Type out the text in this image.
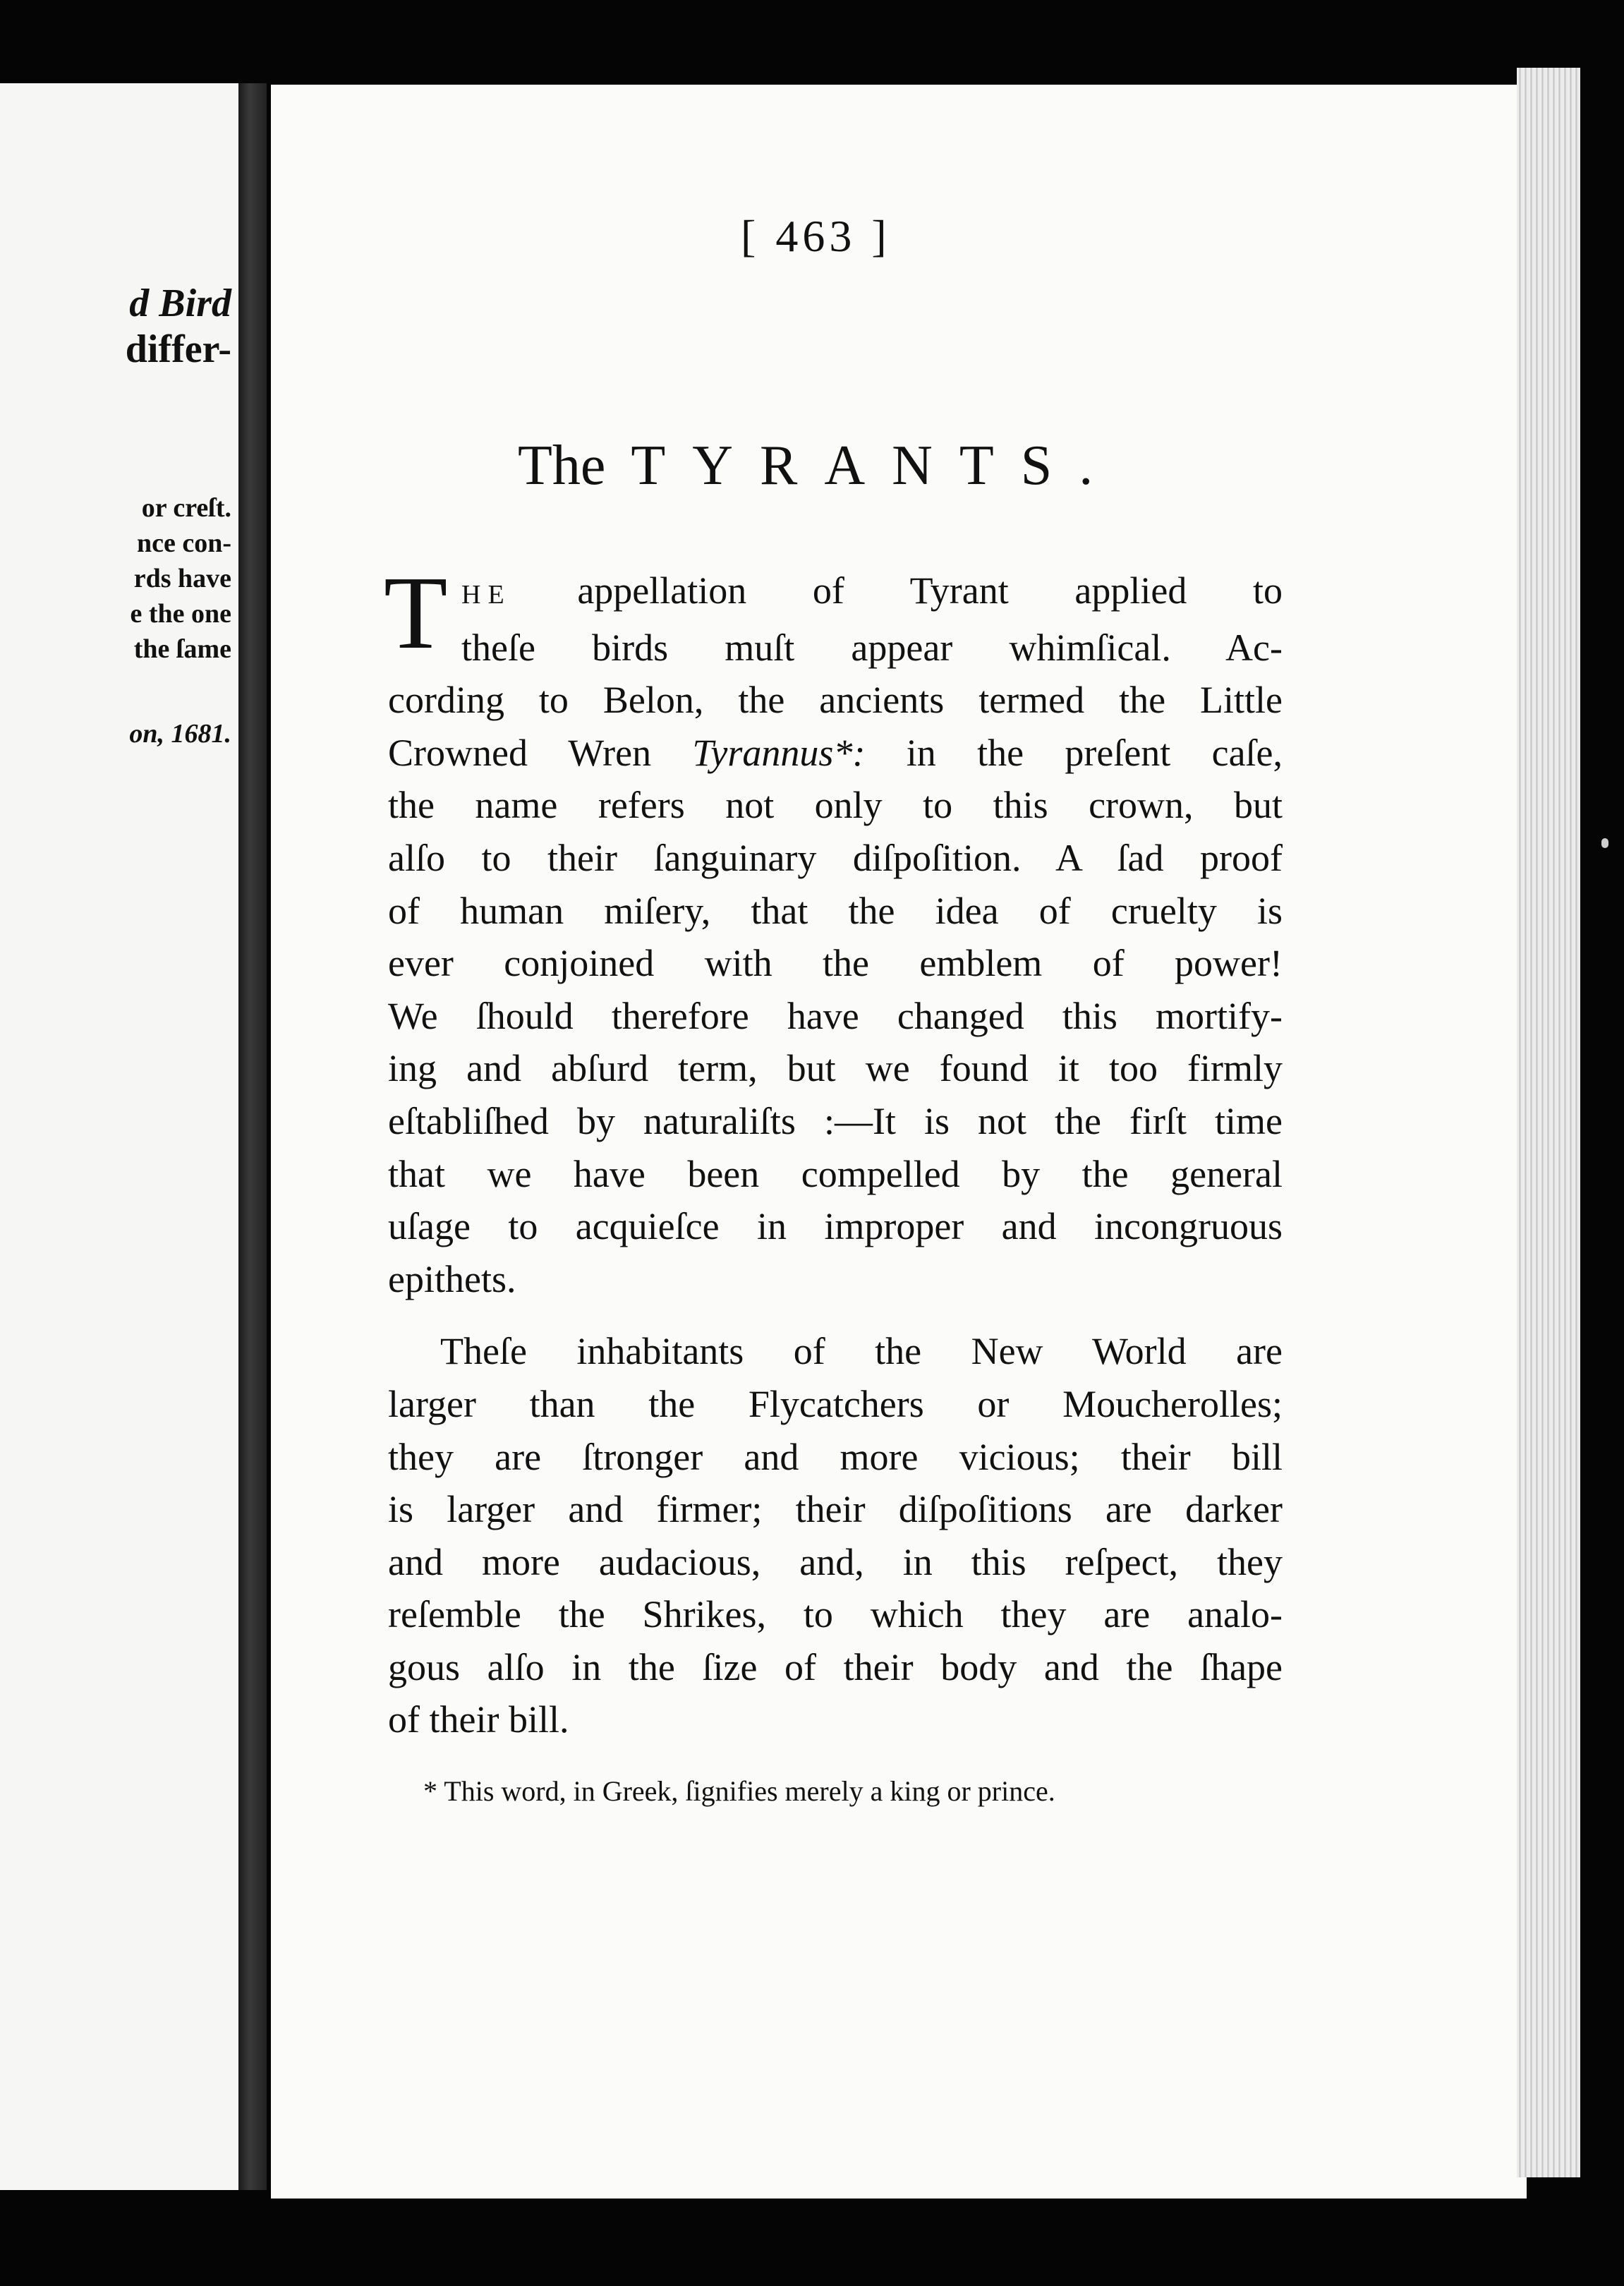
d Bird
differ-
or creſt.
nce con-
rds have
e the one
the ſame
on, 1681.
[ 463 ]
The TYRANTS.
T HE appellation of Tyrant applied to
theſe birds muſt appear whimſical. Ac-
cording to Belon, the ancients termed the Little
Crowned Wren Tyrannus*: in the preſent caſe,
the name refers not only to this crown, but
alſo to their ſanguinary diſpoſition. A ſad proof
of human miſery, that the idea of cruelty is
ever conjoined with the emblem of power!
We ſhould therefore have changed this mortify-
ing and abſurd term, but we found it too firmly
eſtabliſhed by naturaliſts :—It is not the firſt time
that we have been compelled by the general
uſage to acquieſce in improper and incongruous
epithets.
Theſe inhabitants of the New World are
larger than the Flycatchers or Moucherolles;
they are ſtronger and more vicious; their bill
is larger and firmer; their diſpoſitions are darker
and more audacious, and, in this reſpect, they
reſemble the Shrikes, to which they are analo-
gous alſo in the ſize of their body and the ſhape
of their bill.
* This word, in Greek, ſignifies merely a king or prince.
